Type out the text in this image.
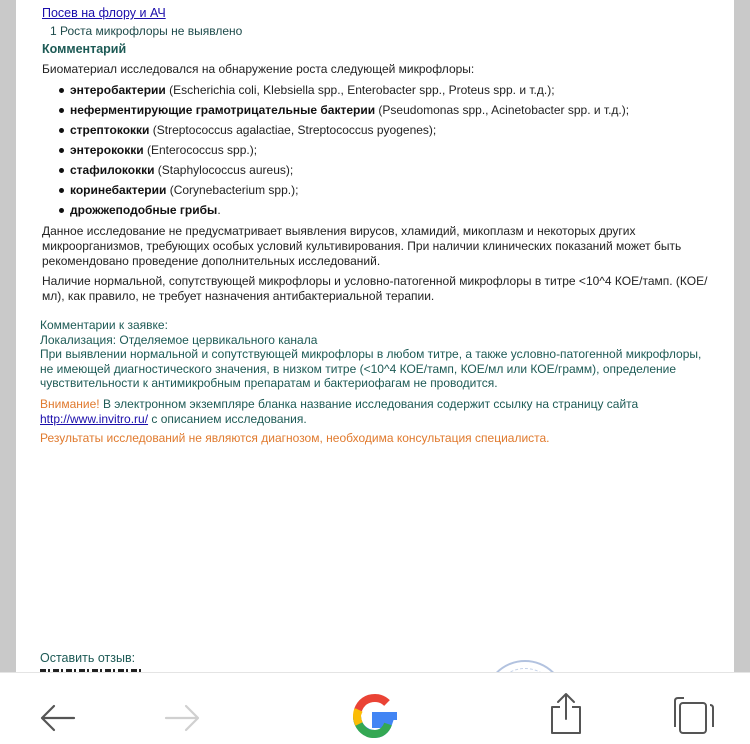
Посев на флору и АЧ
1 Роста микрофлоры не выявлено
Комментарий
Биоматериал исследовался на обнаружение роста следующей микрофлоры:
энтеробактерии (Escherichia coli, Klebsiella spp., Enterobacter spp., Proteus spp. и т.д.);
неферментирующие грамотрицательные бактерии (Pseudomonas spp., Acinetobacter spp. и т.д.);
стрептококки (Streptococcus agalactiae, Streptococcus pyogenes);
энтерококки (Enterococcus spp.);
стафилококки (Staphylococcus aureus);
коринебактерии (Corynebacterium spp.);
дрожжеподобные грибы.
Данное исследование не предусматривает выявления вирусов, хламидий, микоплазм и некоторых других микроорганизмов, требующих особых условий культивирования. При наличии клинических показаний может быть рекомендовано проведение дополнительных исследований.
Наличие нормальной, сопутствующей микрофлоры и условно-патогенной микрофлоры в титре <10^4 КОЕ/тамп. (КОЕ/мл), как правило, не требует назначения антибактериальной терапии.
Комментарии к заявке:
Локализация: Отделяемое цервикального канала
При выявлении нормальной и сопутствующей микрофлоры в любом титре, а также условно-патогенной микрофлоры,
не имеющей диагностического значения, в низком титре (<10^4 КОЕ/тамп, КОЕ/мл или КОЕ/грамм), определение
чувствительности к антимикробным препаратам и бактериофагам не проводится.
Внимание! В электронном экземпляре бланка название исследования содержит ссылку на страницу сайта
http://www.invitro.ru/ с описанием исследования.
Результаты исследований не являются диагнозом, необходима консультация специалиста.
Оставить отзыв:
